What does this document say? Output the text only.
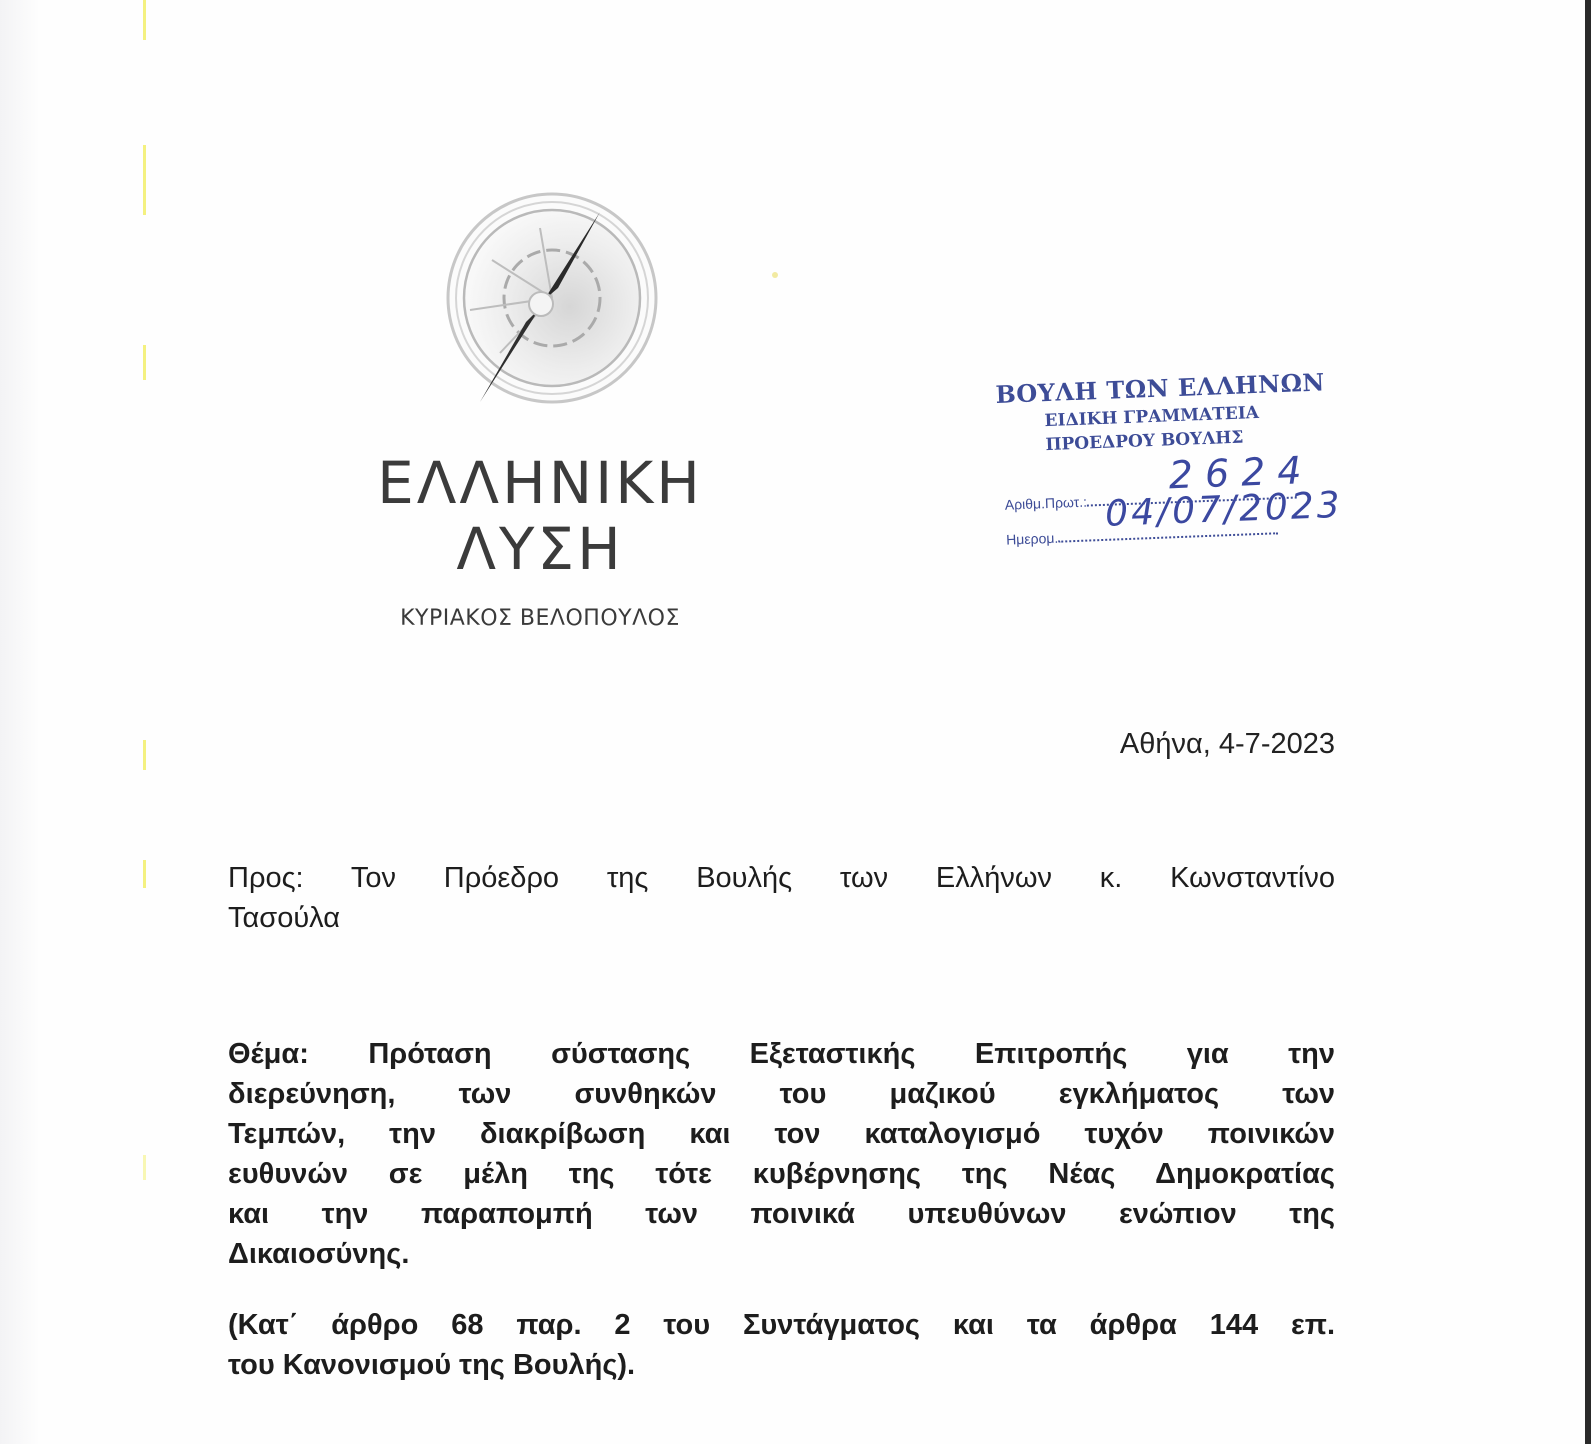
ΕΛΛΗΝΙΚΗ
ΛΥΣΗ
ΚΥΡΙΑΚΟΣ ΒΕΛΟΠΟΥΛΟΣ
ΒΟΥΛΗ ΤΩΝ ΕΛΛΗΝΩΝ
ΕΙΔΙΚΗ ΓΡΑΜΜΑΤΕΙΑ
ΠΡΟΕΔΡΟΥ ΒΟΥΛΗΣ
Αριθμ.Πρωτ.:
2624
Ημερομ.
04/07/2023
Αθήνα, 4-7-2023
Προς: Τον Πρόεδρο της Βουλής των Ελλήνων κ. Κωνσταντίνο
Τασούλα
Θέμα: Πρόταση σύστασης Εξεταστικής Επιτροπής για την
διερεύνηση, των συνθηκών του μαζικού εγκλήματος των
Τεμπών, την διακρίβωση και τον καταλογισμό τυχόν ποινικών
ευθυνών σε μέλη της τότε κυβέρνησης της Νέας Δημοκρατίας
και την παραπομπή των ποινικά υπευθύνων ενώπιον της
Δικαιοσύνης.
(Κατ΄ άρθρο 68 παρ. 2 του Συντάγματος και τα άρθρα 144 επ.
του Κανονισμού της Βουλής).
